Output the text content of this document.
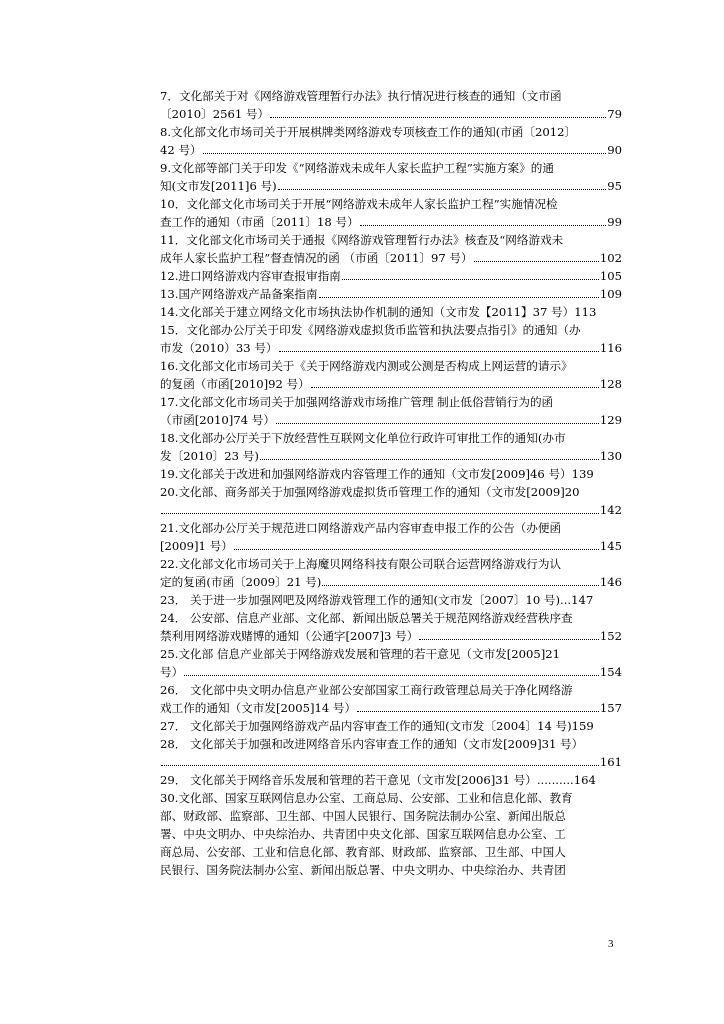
7．文化部关于对《网络游戏管理暂行办法》执行情况进行核查的通知（文市函
〔2010〕2561 号）	79
8.文化部文化市场司关于开展棋牌类网络游戏专项核查工作的通知(市函〔2012〕
42 号）	90
9.文化部等部门关于印发《“网络游戏未成年人家长监护工程”实施方案》的通
知(文市发[2011]6 号)	95
10．文化部文化市场司关于开展“网络游戏未成年人家长监护工程”实施情况检
查工作的通知（市函〔2011〕18 号）	99
11．文化部文化市场司关于通报《网络游戏管理暂行办法》核查及“网络游戏未
成年人家长监护工程”督查情况的函 （市函〔2011〕97 号）	102
12.进口网络游戏内容审查报审指南	105
13.国产网络游戏产品备案指南	109
14.文化部关于建立网络文化市场执法协作机制的通知（文市发【2011】37 号）113
15．文化部办公厅关于印发《网络游戏虚拟货币监管和执法要点指引》的通知（办
市发（2010）33 号）	116
16.文化部文化市场司关于《关于网络游戏内测或公测是否构成上网运营的请示》
的复函（市函[2010]92 号）	128
17.文化部文化市场司关于加强网络游戏市场推广管理 制止低俗营销行为的函
（市函[2010]74 号）	129
18.文化部办公厅关于下放经营性互联网文化单位行政许可审批工作的通知(办市
发〔2010〕23 号)	130
19.文化部关于改进和加强网络游戏内容管理工作的通知（文市发[2009]46 号）139
20.文化部、商务部关于加强网络游戏虚拟货币管理工作的通知（文市发[2009]20
142
21.文化部办公厅关于规范进口网络游戏产品内容审查申报工作的公告（办便函
[2009]1 号）	145
22.文化部文化市场司关于上海魔贝网络科技有限公司联合运营网络游戏行为认
定的复函(市函〔2009〕21 号)	146
23． 关于进一步加强网吧及网络游戏管理工作的通知(文市发〔2007〕10 号)...147
24． 公安部、信息产业部、文化部、新闻出版总署关于规范网络游戏经营秩序查
禁利用网络游戏赌博的通知（公通字[2007]3 号）	152
25.文化部 信息产业部关于网络游戏发展和管理的若干意见（文市发[2005]21
号）	154
26． 文化部中央文明办信息产业部公安部国家工商行政管理总局关于净化网络游
戏工作的通知（文市发[2005]14 号）	157
27． 文化部关于加强网络游戏产品内容审查工作的通知(文市发〔2004〕14 号)159
28． 文化部关于加强和改进网络音乐内容审查工作的通知（文市发[2009]31 号）
161
29． 文化部关于网络音乐发展和管理的若干意见（文市发[2006]31 号）..........164
30.文化部、国家互联网信息办公室、工商总局、公安部、工业和信息化部、教育
部、财政部、监察部、卫生部、中国人民银行、国务院法制办公室、新闻出版总
署、中央文明办、中央综治办、共青团中央文化部、国家互联网信息办公室、工
商总局、公安部、工业和信息化部、教育部、财政部、监察部、卫生部、中国人
民银行、国务院法制办公室、新闻出版总署、中央文明办、中央综治办、共青团
3
